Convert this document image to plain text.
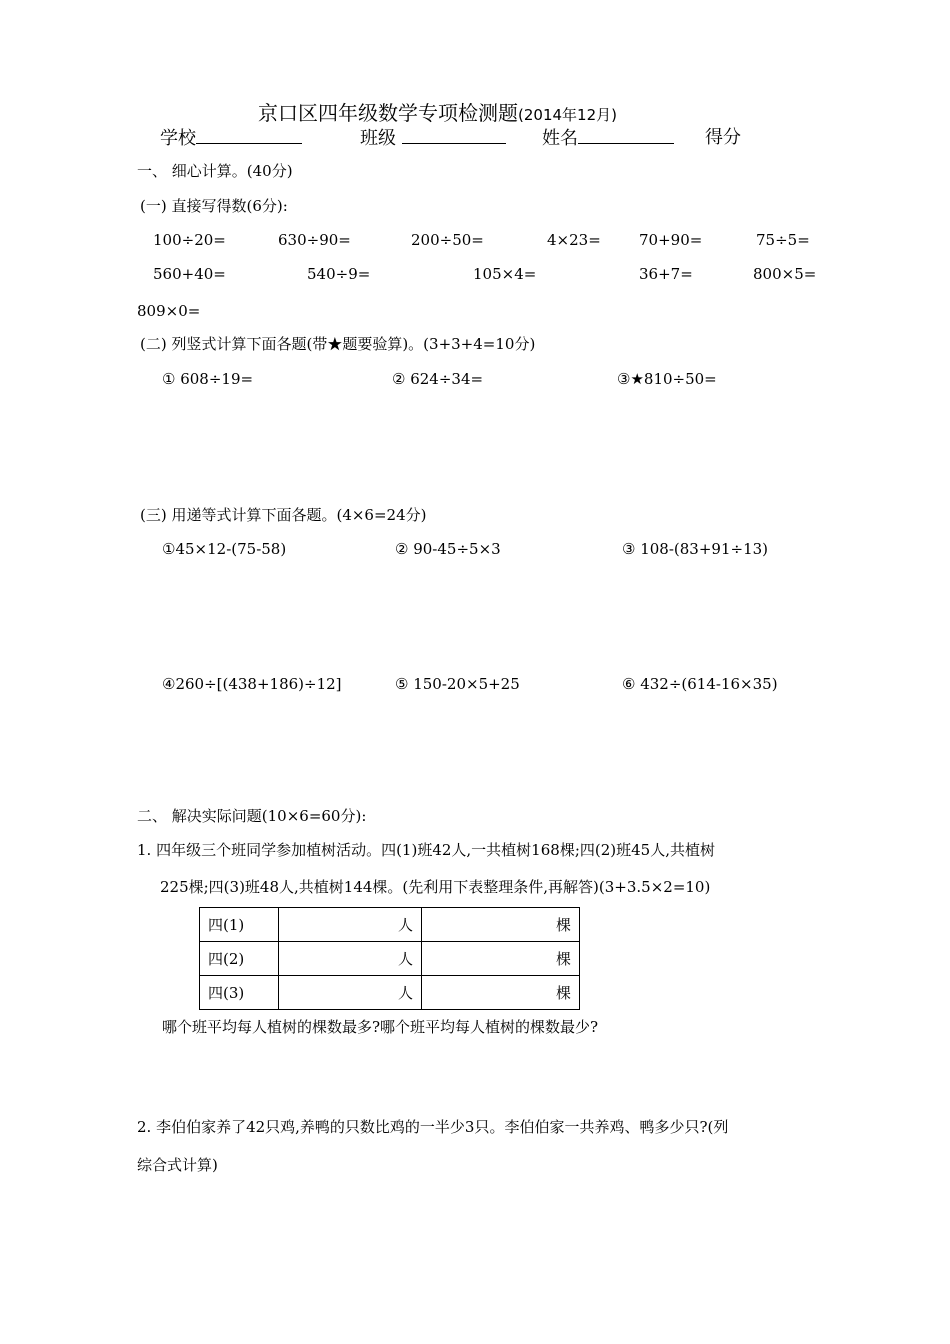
京口区四年级数学专项检测题(2014年12月)
学校	班级	姓名	得分
一、 细心计算。(40分)
(一) 直接写得数(6分):
100÷20=	630÷90=	200÷50=	4×23=	70+90=	75÷5=
560+40=	540÷9=	105×4=	36+7=	800×5=
809×0=
(二) 列竖式计算下面各题(带★题要验算)。(3+3+4=10分)
① 608÷19=	② 624÷34=	③★810÷50=
(三) 用递等式计算下面各题。(4×6=24分)
①45×12-(75-58)	② 90-45÷5×3	③ 108-(83+91÷13)
④260÷[(438+186)÷12]	⑤ 150-20×5+25	⑥ 432÷(614-16×35)
二、 解决实际问题(10×6=60分):
1. 四年级三个班同学参加植树活动。四(1)班42人,一共植树168棵;四(2)班45人,共植树
225棵;四(3)班48人,共植树144棵。(先利用下表整理条件,再解答)(3+3.5×2=10)
四(1)	人	棵
四(2)	人	棵
四(3)	人	棵
哪个班平均每人植树的棵数最多?哪个班平均每人植树的棵数最少?
2. 李伯伯家养了42只鸡,养鸭的只数比鸡的一半少3只。李伯伯家一共养鸡、鸭多少只?(列
综合式计算)
